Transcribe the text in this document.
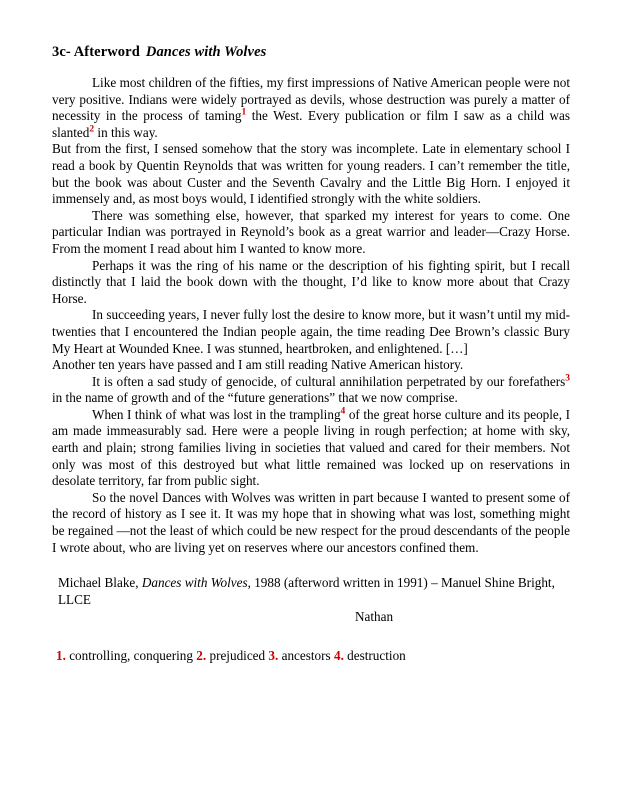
3c- Afterword Dances with Wolves

Like most children of the fifties, my first impressions of Native American people were not very positive. Indians were widely portrayed as devils, whose destruction was purely a matter of necessity in the process of taming$^1$ the West. Every publication or film I saw as a child was slanted$^2$ in this way.

But from the first, I sensed somehow that the story was incomplete. Late in elementary school I read a book by Quentin Reynolds that was written for young readers. I can’t remember the title, but the book was about Custer and the Seventh Cavalry and the Little Big Horn. I enjoyed it immensely and, as most boys would, I identified strongly with the white soldiers.

There was something else, however, that sparked my interest for years to come. One particular Indian was portrayed in Reynold’s book as a great warrior and leader—Crazy Horse. From the moment I read about him I wanted to know more.

Perhaps it was the ring of his name or the description of his fighting spirit, but I recall distinctly that I laid the book down with the thought, I’d like to know more about that Crazy Horse.

In succeeding years, I never fully lost the desire to know more, but it wasn’t until my mid-twenties that I encountered the Indian people again, the time reading Dee Brown’s classic Bury My Heart at Wounded Knee. I was stunned, heartbroken, and enlightened. […]

Another ten years have passed and I am still reading Native American history.

It is often a sad study of genocide, of cultural annihilation perpetrated by our forefathers$^3$ in the name of growth and of the “future generations” that we now comprise.

When I think of what was lost in the trampling$^4$ of the great horse culture and its people, I am made immeasurably sad. Here were a people living in rough perfection; at home with sky, earth and plain; strong families living in societies that valued and cared for their members. Not only was most of this destroyed but what little remained was locked up on reservations in desolate territory, far from public sight.

So the novel Dances with Wolves was written in part because I wanted to present some of the record of history as I see it. It was my hope that in showing what was lost, something might be regained —not the least of which could be new respect for the proud descendants of the people I wrote about, who are living yet on reserves where our ancestors confined them.

Michael Blake, Dances with Wolves, 1988 (afterword written in 1991) – Manuel Shine Bright, LLCE
Nathan
1. controlling, conquering 2. prejudiced 3. ancestors 4. destruction
